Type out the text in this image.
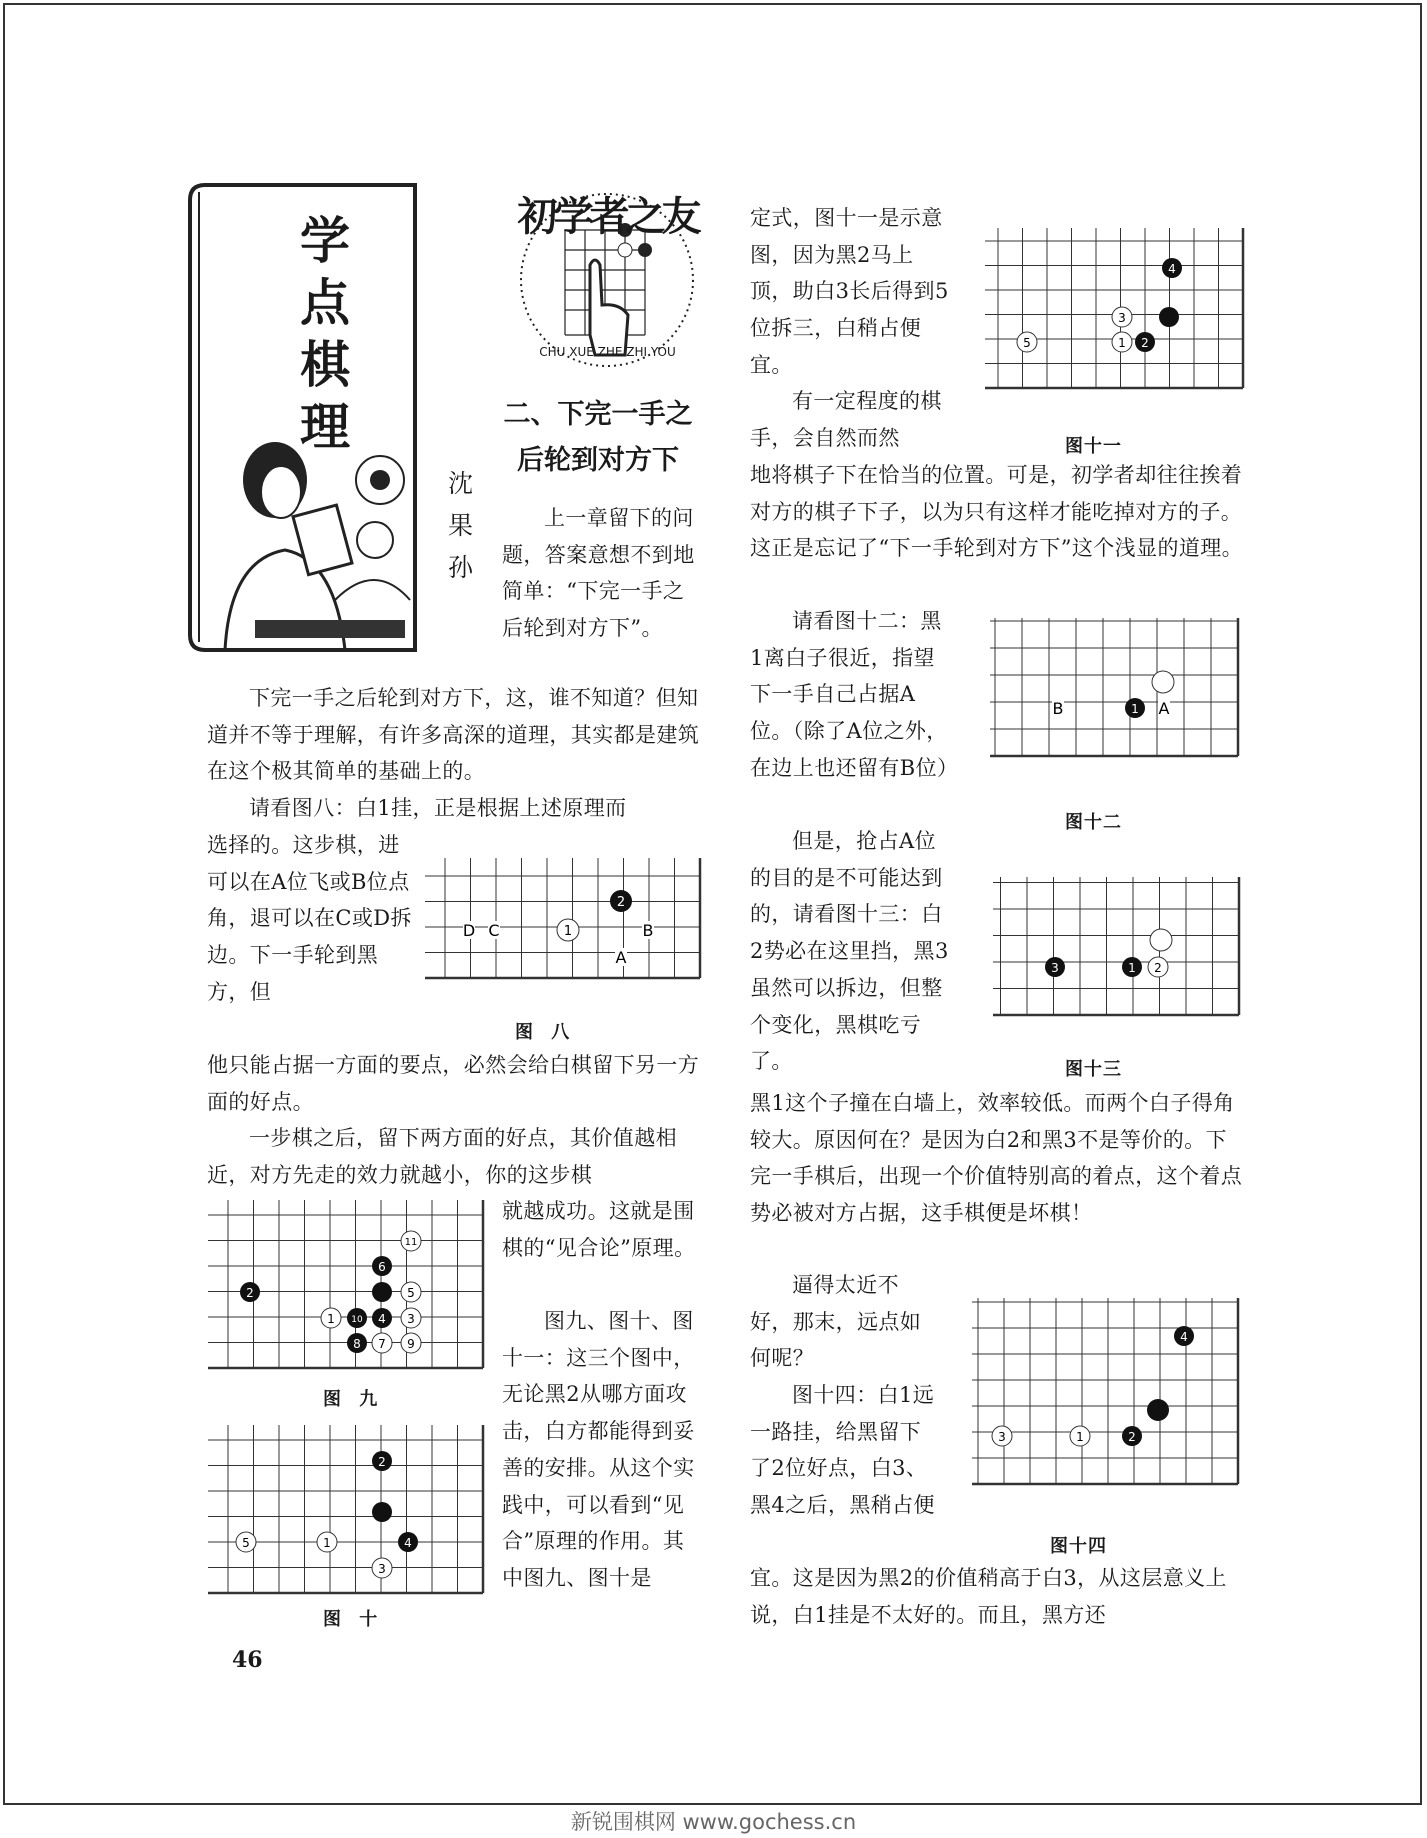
学点棋理
初学者之友
CHU XUE ZHE ZHI YOU
二、下完一手之
后轮到对方下
沈果孙
上一章留下的问题，答案意想不到地简单：“下完一手之后轮到对方下”。
下完一手之后轮到对方下，这，谁不知道？但知道并不等于理解，有许多高深的道理，其实都是建筑在这个极其简单的基础上的。
请看图八：白1挂，正是根据上述原理而
选择的。这步棋，进可以在A位飞或B位点角，退可以在C或D拆边。下一手轮到黑方，但
他只能占据一方面的要点，必然会给白棋留下另一方面的好点。
一步棋之后，留下两方面的好点，其价值越相近，对方先走的效力就越小，你的这步棋
就越成功。这就是围棋的“见合论”原理。
图九、图十、图十一：这三个图中，无论黑2从哪方面攻击，白方都能得到妥善的安排。从这个实践中，可以看到“见合”原理的作用。其中图九、图十是
定式，图十一是示意图，因为黑2马上顶，助白3长后得到5位拆三，白稍占便宜。
有一定程度的棋手，会自然而然
地将棋子下在恰当的位置。可是，初学者却往往挨着对方的棋子下子，以为只有这样才能吃掉对方的子。这正是忘记了“下一手轮到对方下”这个浅显的道理。
请看图十二：黑1离白子很近，指望下一手自己占据A位。（除了A位之外，在边上也还留有B位）
但是，抢占A位的目的是不可能达到的，请看图十三：白2势必在这里挡，黑3虽然可以拆边，但整个变化，黑棋吃亏了。
黑1这个子撞在白墙上，效率较低。而两个白子得角较大。原因何在？是因为白2和黑3不是等价的。下完一手棋后，出现一个价值特别高的着点，这个着点势必被对方占据，这手棋便是坏棋！
逼得太近不好，那末，远点如何呢？
图十四：白1远一路挂，给黑留下了2位好点，白3、黑4之后，黑稍占便
宜。这是因为黑2的价值稍高于白3，从这层意义上说，白1挂是不太好的。而且，黑方还
2
1
D C	B
A
图 八
11
6
2	5
1 10 4 3
8 7 9
图 九
2
5	1	4
3
图 十
4
3
5	1 2
图十一
1 A
B
图十二
3	1 2
图十三
4
3	1	2
图十四
46
新锐围棋网 www.gochess.cn
